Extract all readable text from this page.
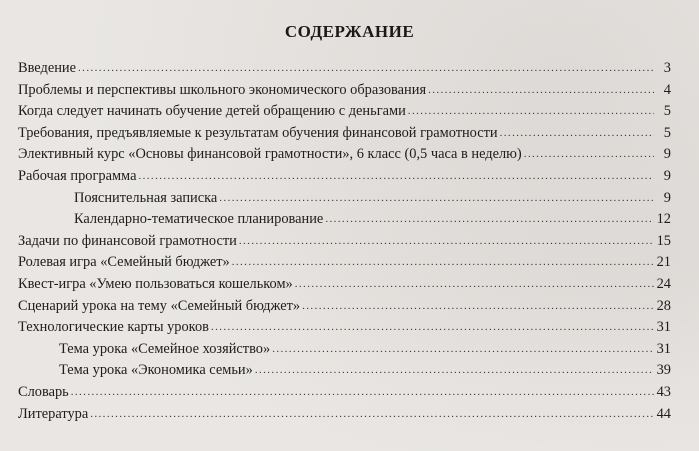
СОДЕРЖАНИЕ
Введение .....	3
Проблемы и перспективы школьного экономического образования .....	4
Когда следует начинать обучение детей обращению с деньгами .....	5
Требования, предъявляемые к результатам обучения финансовой грамотности .....	5
Элективный курс «Основы финансовой грамотности», 6 класс (0,5 часа в неделю) .....	9
Рабочая программа .....	9
Пояснительная записка .....	9
Календарно-тематическое планирование .....	12
Задачи по финансовой грамотности .....	15
Ролевая игра «Семейный бюджет» .....	21
Квест-игра «Умею пользоваться кошельком» .....	24
Сценарий урока на тему «Семейный бюджет» .....	28
Технологические карты уроков .....	31
Тема урока «Семейное хозяйство» .....	31
Тема урока «Экономика семьи» .....	39
Словарь .....	43
Литература .....	44
